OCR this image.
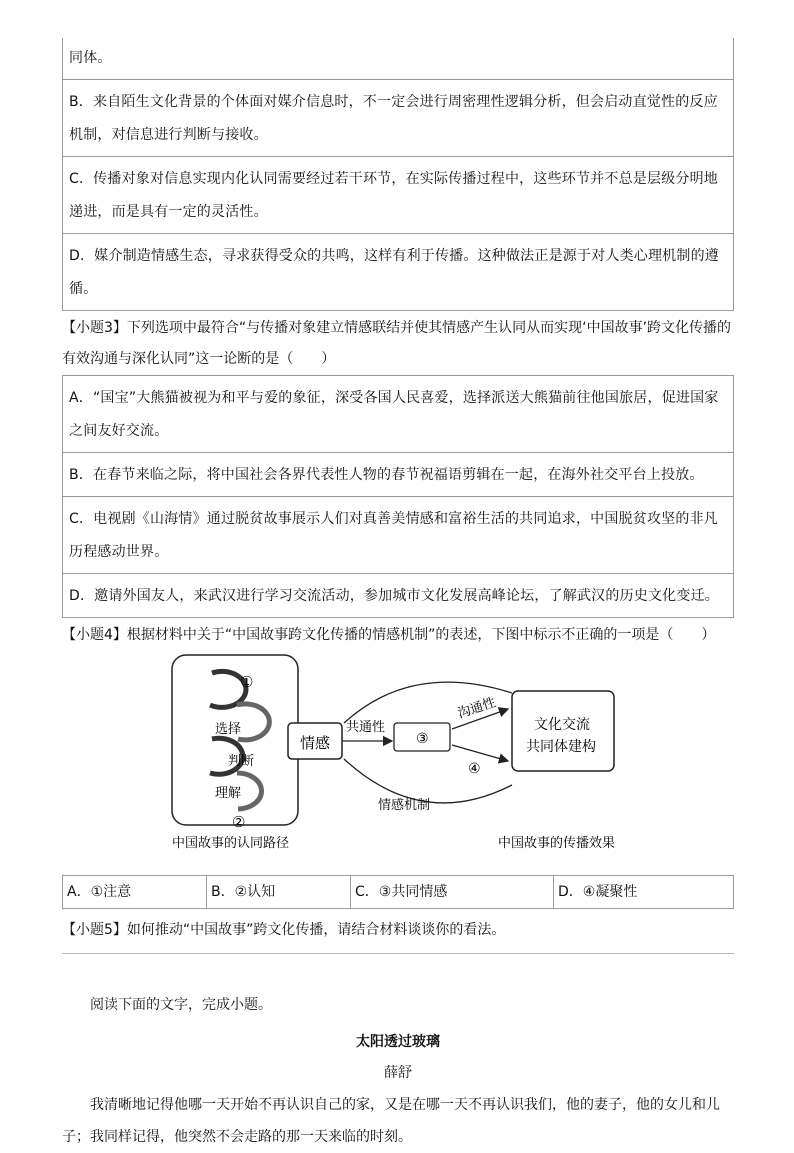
同体。
B．来自陌生文化背景的个体面对媒介信息时，不一定会进行周密理性逻辑分析，但会启动直觉性的反应机制，对信息进行判断与接收。
C．传播对象对信息实现内化认同需要经过若干环节，在实际传播过程中，这些环节并不总是层级分明地递进，而是具有一定的灵活性。
D．媒介制造情感生态，寻求获得受众的共鸣，这样有利于传播。这种做法正是源于对人类心理机制的遵循。
【小题3】下列选项中最符合“与传播对象建立情感联结并使其情感产生认同从而实现‘中国故事’跨文化传播的有效沟通与深化认同”这一论断的是（　　）
A．“国宝”大熊猫被视为和平与爱的象征，深受各国人民喜爱，选择派送大熊猫前往他国旅居，促进国家之间友好交流。
B．在春节来临之际，将中国社会各界代表性人物的春节祝福语剪辑在一起，在海外社交平台上投放。
C．电视剧《山海情》通过脱贫故事展示人们对真善美情感和富裕生活的共同追求，中国脱贫攻坚的非凡历程感动世界。
D．邀请外国友人，来武汉进行学习交流活动，参加城市文化发展高峰论坛，了解武汉的历史文化变迁。
【小题4】根据材料中关于“中国故事跨文化传播的情感机制”的表述，下图中标示不正确的一项是（　　）
①
选择
判断
理解
②
情感
共通性
③
沟通性
④
文化交流
共同体建构
情感机制
中国故事的认同路径	中国故事的传播效果
A．①注意	B．②认知	C．③共同情感	D．④凝聚性
【小题5】如何推动“中国故事”跨文化传播，请结合材料谈谈你的看法。
阅读下面的文字，完成小题。
太阳透过玻璃
薛舒
我清晰地记得他哪一天开始不再认识自己的家，又是在哪一天不再认识我们，他的妻子，他的女儿和儿子；我同样记得，他突然不会走路的那一天来临的时刻。
